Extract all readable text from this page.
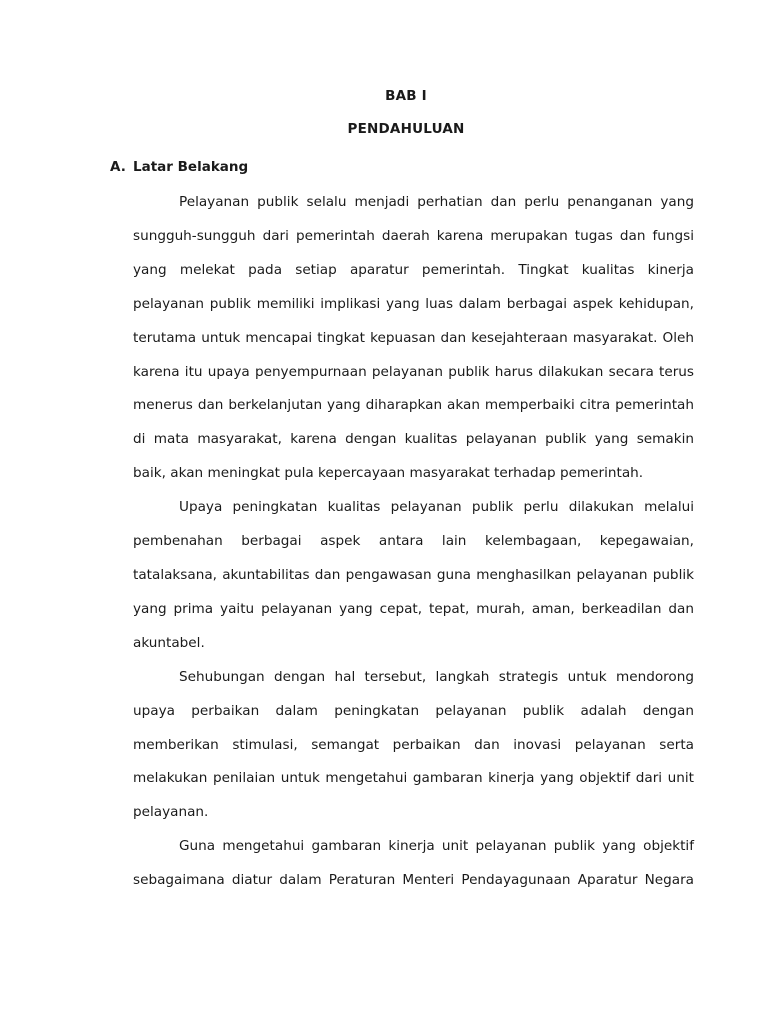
BAB I
PENDAHULUAN
A. Latar Belakang

Pelayanan publik selalu menjadi perhatian dan perlu penanganan yang sungguh-sungguh dari pemerintah daerah karena merupakan tugas dan fungsi yang melekat pada setiap aparatur pemerintah. Tingkat kualitas kinerja pelayanan publik memiliki implikasi yang luas dalam berbagai aspek kehidupan, terutama untuk mencapai tingkat kepuasan dan kesejahteraan masyarakat. Oleh karena itu upaya penyempurnaan pelayanan publik harus dilakukan secara terus menerus dan berkelanjutan yang diharapkan akan memperbaiki citra pemerintah di mata masyarakat, karena dengan kualitas pelayanan publik yang semakin baik, akan meningkat pula kepercayaan masyarakat terhadap pemerintah.

Upaya peningkatan kualitas pelayanan publik perlu dilakukan melalui pembenahan berbagai aspek antara lain kelembagaan, kepegawaian, tatalaksana, akuntabilitas dan pengawasan guna menghasilkan pelayanan publik yang prima yaitu pelayanan yang cepat, tepat, murah, aman, berkeadilan dan akuntabel.

Sehubungan dengan hal tersebut, langkah strategis untuk mendorong upaya perbaikan dalam peningkatan pelayanan publik adalah dengan memberikan stimulasi, semangat perbaikan dan inovasi pelayanan serta melakukan penilaian untuk mengetahui gambaran kinerja yang objektif dari unit pelayanan.

Guna mengetahui gambaran kinerja unit pelayanan publik yang objektif sebagaimana diatur dalam Peraturan Menteri Pendayagunaan Aparatur Negara
